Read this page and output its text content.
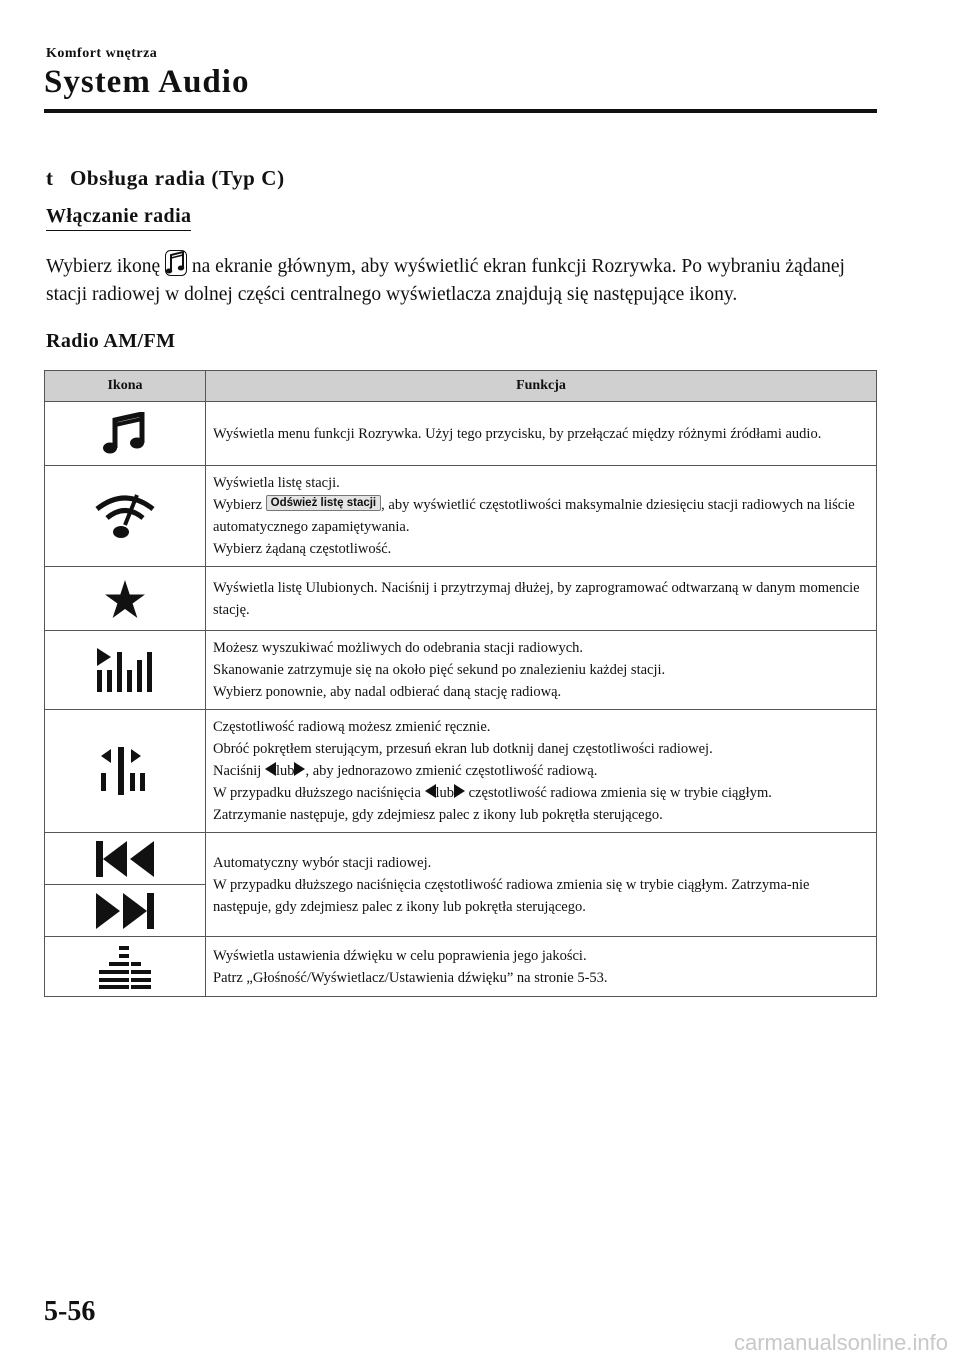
Komfort wnętrza
System Audio
t Obsługa radia (Typ C)
Włączanie radia
Wybierz ikonę na ekranie głównym, aby wyświetlić ekran funkcji Rozrywka. Po wybraniu żądanej stacji radiowej w dolnej części centralnego wyświetlacza znajdują się następujące ikony.
Radio AM/FM
Ikona	Funkcja

	Wyświetla menu funkcji Rozrywka. Użyj tego przycisku, by przełączać między różnymi źródłami audio.

Wyświetla listę stacji.
Wybierz Odśwież listę stacji , aby wyświetlić częstotliwości maksymalnie dziesięciu stacji radiowych na liście automatycznego zapamiętywania.
Wybierz żądaną częstotliwość.

	Wyświetla listę Ulubionych. Naciśnij i przytrzymaj dłużej, by zaprogramować odtwarzaną w danym momencie stację.

Możesz wyszukiwać możliwych do odebrania stacji radiowych.
Skanowanie zatrzymuje się na około pięć sekund po znalezieniu każdej stacji.
Wybierz ponownie, aby nadal odbierać daną stację radiową.

Częstotliwość radiową możesz zmienić ręcznie.
Obróć pokrętłem sterującym, przesuń ekran lub dotknij danej częstotliwości radiowej.
Naciśnij lub , aby jednorazowo zmienić częstotliwość radiową.
W przypadku dłuższego naciśnięcia lub częstotliwość radiowa zmienia się w trybie ciągłym.
Zatrzymanie następuje, gdy zdejmiesz palec z ikony lub pokrętła sterującego.

Automatyczny wybór stacji radiowej.
W przypadku dłuższego naciśnięcia częstotliwość radiowa zmienia się w trybie ciągłym. Zatrzyma-nie następuje, gdy zdejmiesz palec z ikony lub pokrętła sterującego.

Wyświetla ustawienia dźwięku w celu poprawienia jego jakości.
Patrz „Głośność/Wyświetlacz/Ustawienia dźwięku” na stronie 5-53.
5-56
carmanualsonline.info
